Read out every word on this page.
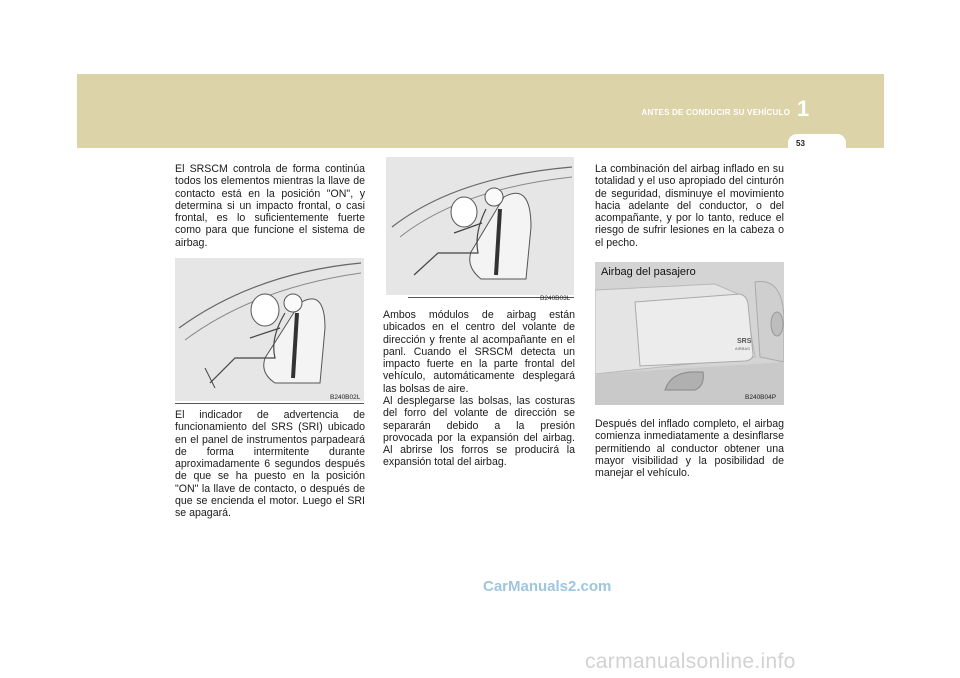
ANTES DE CONDUCIR SU VEHÍCULO 1
53

El SRSCM controla de forma continúa todos los elementos mientras la llave de contacto está en la posición "ON", y determina si un impacto frontal, o casi frontal, es lo suficientemente fuerte como para que funcione el sistema de airbag.

B240B02L

El indicador de advertencia de funcionamiento del SRS (SRI) ubicado en el panel de instrumentos parpadeará de forma intermitente durante aproximadamente 6 segundos después de que se ha puesto en la posición "ON" la llave de contacto, o después de que se encienda el motor. Luego el SRI se apagará.

B240B03L

Ambos módulos de airbag están ubicados en el centro del volante de dirección y frente al acompañante en el panl. Cuando el SRSCM detecta un impacto fuerte en la parte frontal del vehículo, automáticamente desplegará las bolsas de aire.

Al desplegarse las bolsas, las costuras del forro del volante de dirección se separarán debido a la presión provocada por la expansión del airbag. Al abrirse los forros se producirá la expansión total del airbag.

La combinación del airbag inflado en su totalidad y el uso apropiado del cinturón de seguridad, disminuye el movimiento hacia adelante del conductor, o del acompañante, y por lo tanto, reduce el riesgo de sufrir lesiones en la cabeza o el pecho.

Airbag del pasajero
SRS
AIRBAG
B240B04P

Después del inflado completo, el airbag comienza inmediatamente a desinflarse permitiendo al conductor obtener una mayor visibilidad y la posibilidad de manejar el vehículo.

CarManuals2.com
carmanualsonline.info
